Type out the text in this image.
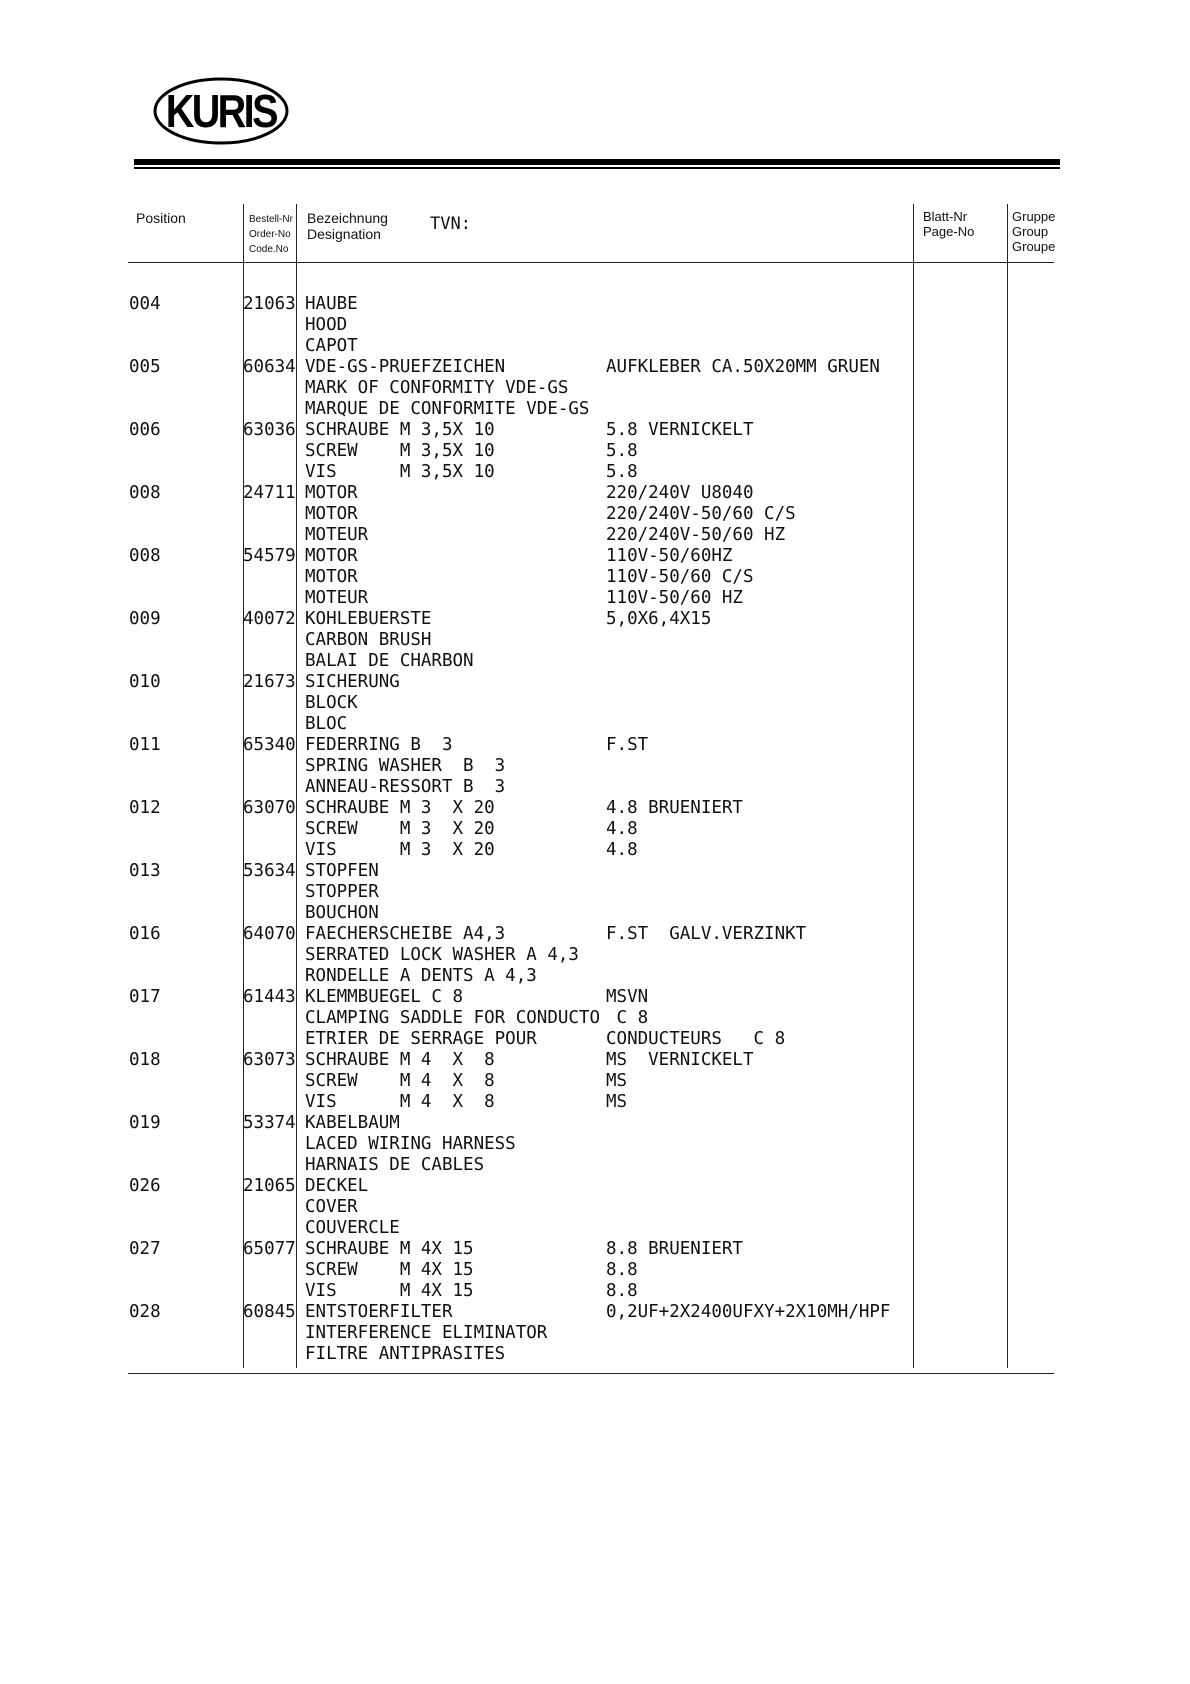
KURIS
Position	Bestell-Nr
Order-No
Code.No
Bezeichnung
Designation
TVN:	Blatt-Nr
Page-No
Gruppe
Group
Groupe
004	21063 HAUBE
HOOD
CAPOT
005	60634 VDE-GS-PRUEFZEICHEN	AUFKLEBER CA.50X20MM GRUEN
MARK OF CONFORMITY VDE-GS
MARQUE DE CONFORMITE VDE-GS
006	63036 SCHRAUBE M 3,5X 10	5.8 VERNICKELT
SCREW    M 3,5X 10	5.8
VIS      M 3,5X 10	5.8
008	24711 MOTOR	220/240V U8040
MOTOR	220/240V-50/60 C/S
MOTEUR	220/240V-50/60 HZ
008	54579 MOTOR	110V-50/60HZ
MOTOR	110V-50/60 C/S
MOTEUR	110V-50/60 HZ
009	40072 KOHLEBUERSTE	5,0X6,4X15
CARBON BRUSH
BALAI DE CHARBON
010	21673 SICHERUNG
BLOCK
BLOC
011	65340 FEDERRING B  3	F.ST
SPRING WASHER  B  3
ANNEAU-RESSORT B  3
012	63070 SCHRAUBE M 3  X 20	4.8 BRUENIERT
SCREW    M 3  X 20	4.8
VIS      M 3  X 20	4.8
013	53634 STOPFEN
STOPPER
BOUCHON
016	64070 FAECHERSCHEIBE A4,3	F.ST  GALV.VERZINKT
SERRATED LOCK WASHER A 4,3
RONDELLE A DENTS A 4,3
017	61443 KLEMMBUEGEL C 8	MSVN
CLAMPING SADDLE FOR CONDUCTO C 8
ETRIER DE SERRAGE POUR	CONDUCTEURS   C 8
018	63073 SCHRAUBE M 4  X  8	MS  VERNICKELT
SCREW    M 4  X  8	MS
VIS      M 4  X  8	MS
019	53374 KABELBAUM
LACED WIRING HARNESS
HARNAIS DE CABLES
026	21065 DECKEL
COVER
COUVERCLE
027	65077 SCHRAUBE M 4X 15	8.8 BRUENIERT
SCREW    M 4X 15	8.8
VIS      M 4X 15	8.8
028	60845 ENTSTOERFILTER	0,2UF+2X2400UFXY+2X10MH/HPF
INTERFERENCE ELIMINATOR
FILTRE ANTIPRASITES
